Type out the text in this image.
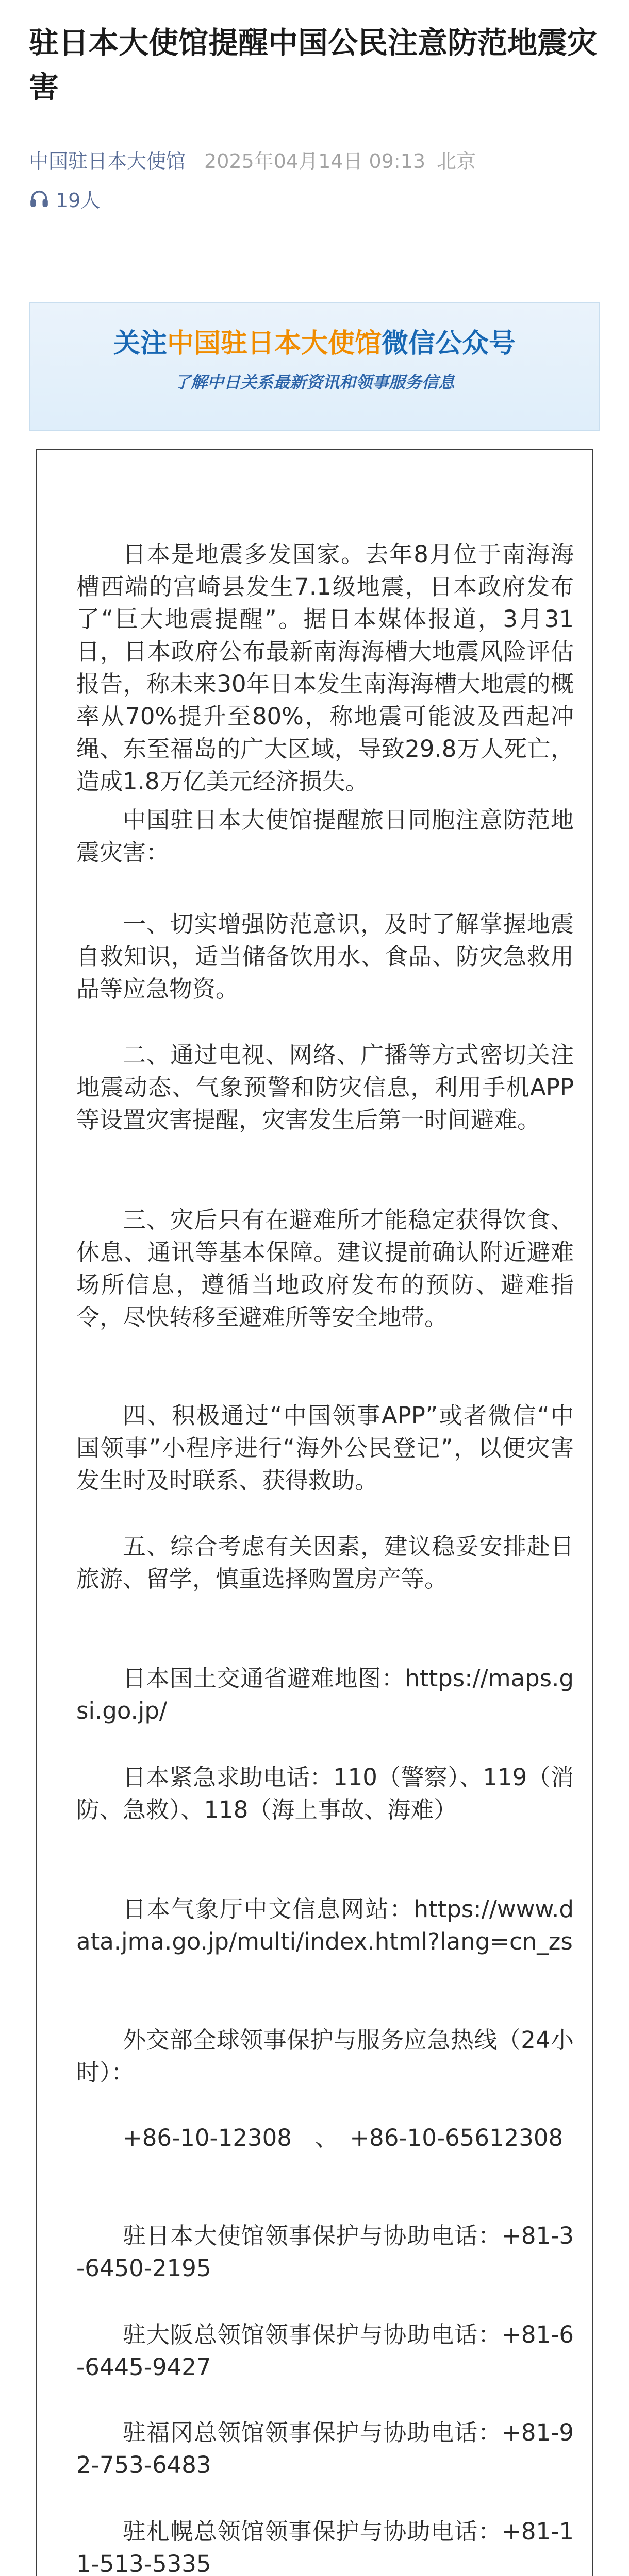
驻日本大使馆提醒中国公民注意防范地震灾害
中国驻日本大使馆 2025年04月14日 09:13 北京
19人
关注中国驻日本大使馆微信公众号
了解中日关系最新资讯和领事服务信息

日本是地震多发国家。去年8月位于南海海槽西端的宫崎县发生7.1级地震，日本政府发布了“巨大地震提醒”。据日本媒体报道，3月31日，日本政府公布最新南海海槽大地震风险评估报告，称未来30年日本发生南海海槽大地震的概率从70%提升至80%，称地震可能波及西起冲绳、东至福岛的广大区域，导致29.8万人死亡，造成1.8万亿美元经济损失。

中国驻日本大使馆提醒旅日同胞注意防范地震灾害：

一、切实增强防范意识，及时了解掌握地震自救知识，适当储备饮用水、食品、防灾急救用品等应急物资。

二、通过电视、网络、广播等方式密切关注地震动态、气象预警和防灾信息，利用手机APP等设置灾害提醒，灾害发生后第一时间避难。

三、灾后只有在避难所才能稳定获得饮食、休息、通讯等基本保障。建议提前确认附近避难场所信息，遵循当地政府发布的预防、避难指令，尽快转移至避难所等安全地带。

四、积极通过“中国领事APP”或者微信“中国领事”小程序进行“海外公民登记”，以便灾害发生时及时联系、获得救助。

五、综合考虑有关因素，建议稳妥安排赴日旅游、留学，慎重选择购置房产等。

日本国土交通省避难地图：https://maps.gsi.go.jp/

日本紧急求助电话：110（警察）、119（消防、急救）、118（海上事故、海难）

日本气象厅中文信息网站：https://www.data.jma.go.jp/multi/index.html?lang=cn_zs

外交部全球领事保护与服务应急热线（24小时）：

+86-10-12308　、　+86-10-65612308

驻日本大使馆领事保护与协助电话：+81-3-6450-2195

驻大阪总领馆领事保护与协助电话：+81-6-6445-9427

驻福冈总领馆领事保护与协助电话：+81-92-753-6483

驻札幌总领馆领事保护与协助电话：+81-11-513-5335
